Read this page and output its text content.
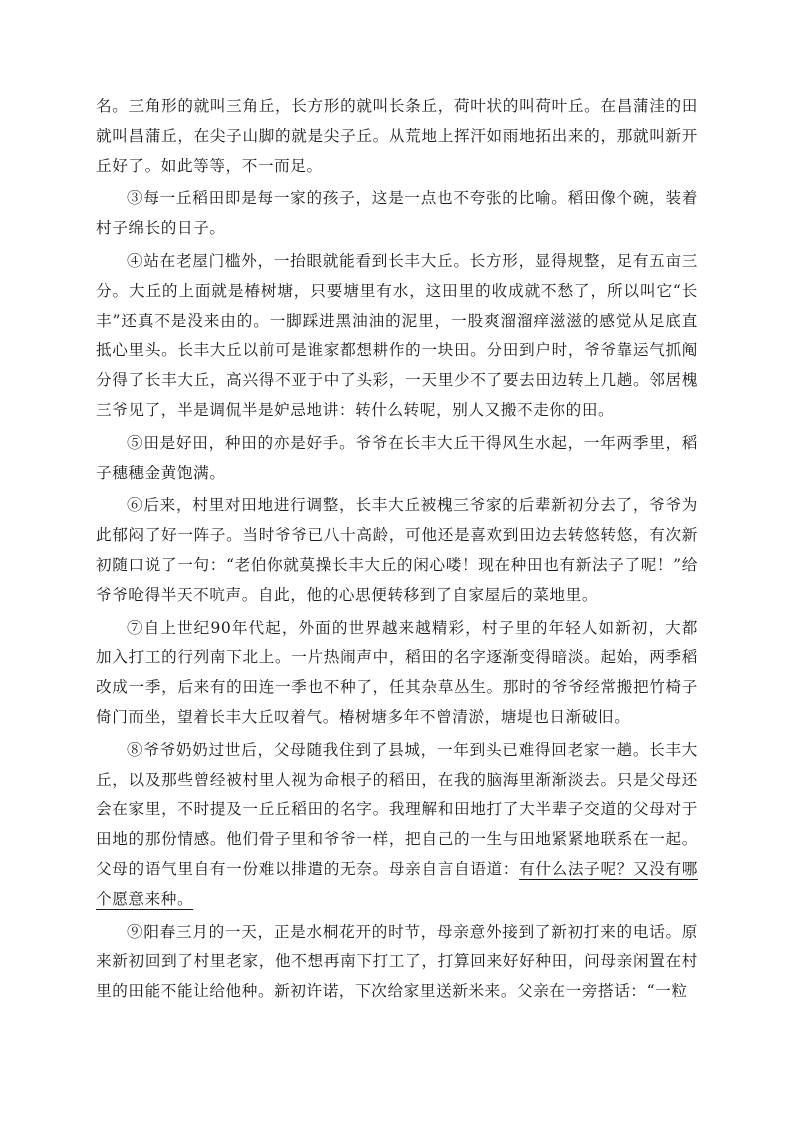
名。三角形的就叫三角丘，长方形的就叫长条丘，荷叶状的叫荷叶丘。在昌蒲洼的田就叫昌蒲丘，在尖子山脚的就是尖子丘。从荒地上挥汗如雨地拓出来的，那就叫新开丘好了。如此等等，不一而足。

③每一丘稻田即是每一家的孩子，这是一点也不夸张的比喻。稻田像个碗，装着村子绵长的日子。

④站在老屋门槛外，一抬眼就能看到长丰大丘。长方形，显得规整，足有五亩三分。大丘的上面就是椿树塘，只要塘里有水，这田里的收成就不愁了，所以叫它“长丰”还真不是没来由的。一脚踩进黑油油的泥里，一股爽溜溜痒滋滋的感觉从足底直抵心里头。长丰大丘以前可是谁家都想耕作的一块田。分田到户时，爷爷靠运气抓阄分得了长丰大丘，高兴得不亚于中了头彩，一天里少不了要去田边转上几趟。邻居槐三爷见了，半是调侃半是妒忌地讲：转什么转呢，别人又搬不走你的田。

⑤田是好田，种田的亦是好手。爷爷在长丰大丘干得风生水起，一年两季里，稻子穗穗金黄饱满。

⑥后来，村里对田地进行调整，长丰大丘被槐三爷家的后辈新初分去了，爷爷为此郁闷了好一阵子。当时爷爷已八十高龄，可他还是喜欢到田边去转悠转悠，有次新初随口说了一句：“老伯你就莫操长丰大丘的闲心喽！现在种田也有新法子了呢！”给爷爷呛得半天不吭声。自此，他的心思便转移到了自家屋后的菜地里。

⑦自上世纪90年代起，外面的世界越来越精彩，村子里的年轻人如新初，大都加入打工的行列南下北上。一片热闹声中，稻田的名字逐渐变得暗淡。起始，两季稻改成一季，后来有的田连一季也不种了，任其杂草丛生。那时的爷爷经常搬把竹椅子倚门而坐，望着长丰大丘叹着气。椿树塘多年不曾清淤，塘堤也日渐破旧。

⑧爷爷奶奶过世后，父母随我住到了县城，一年到头已难得回老家一趟。长丰大丘，以及那些曾经被村里人视为命根子的稻田，在我的脑海里渐渐淡去。只是父母还会在家里，不时提及一丘丘稻田的名字。我理解和田地打了大半辈子交道的父母对于田地的那份情感。他们骨子里和爷爷一样，把自己的一生与田地紧紧地联系在一起。父母的语气里自有一份难以排遣的无奈。母亲自言自语道：有什么法子呢？又没有哪个愿意来种。

⑨阳春三月的一天，正是水桐花开的时节，母亲意外接到了新初打来的电话。原来新初回到了村里老家，他不想再南下打工了，打算回来好好种田，问母亲闲置在村里的田能不能让给他种。新初许诺，下次给家里送新米来。父亲在一旁搭话：“一粒
